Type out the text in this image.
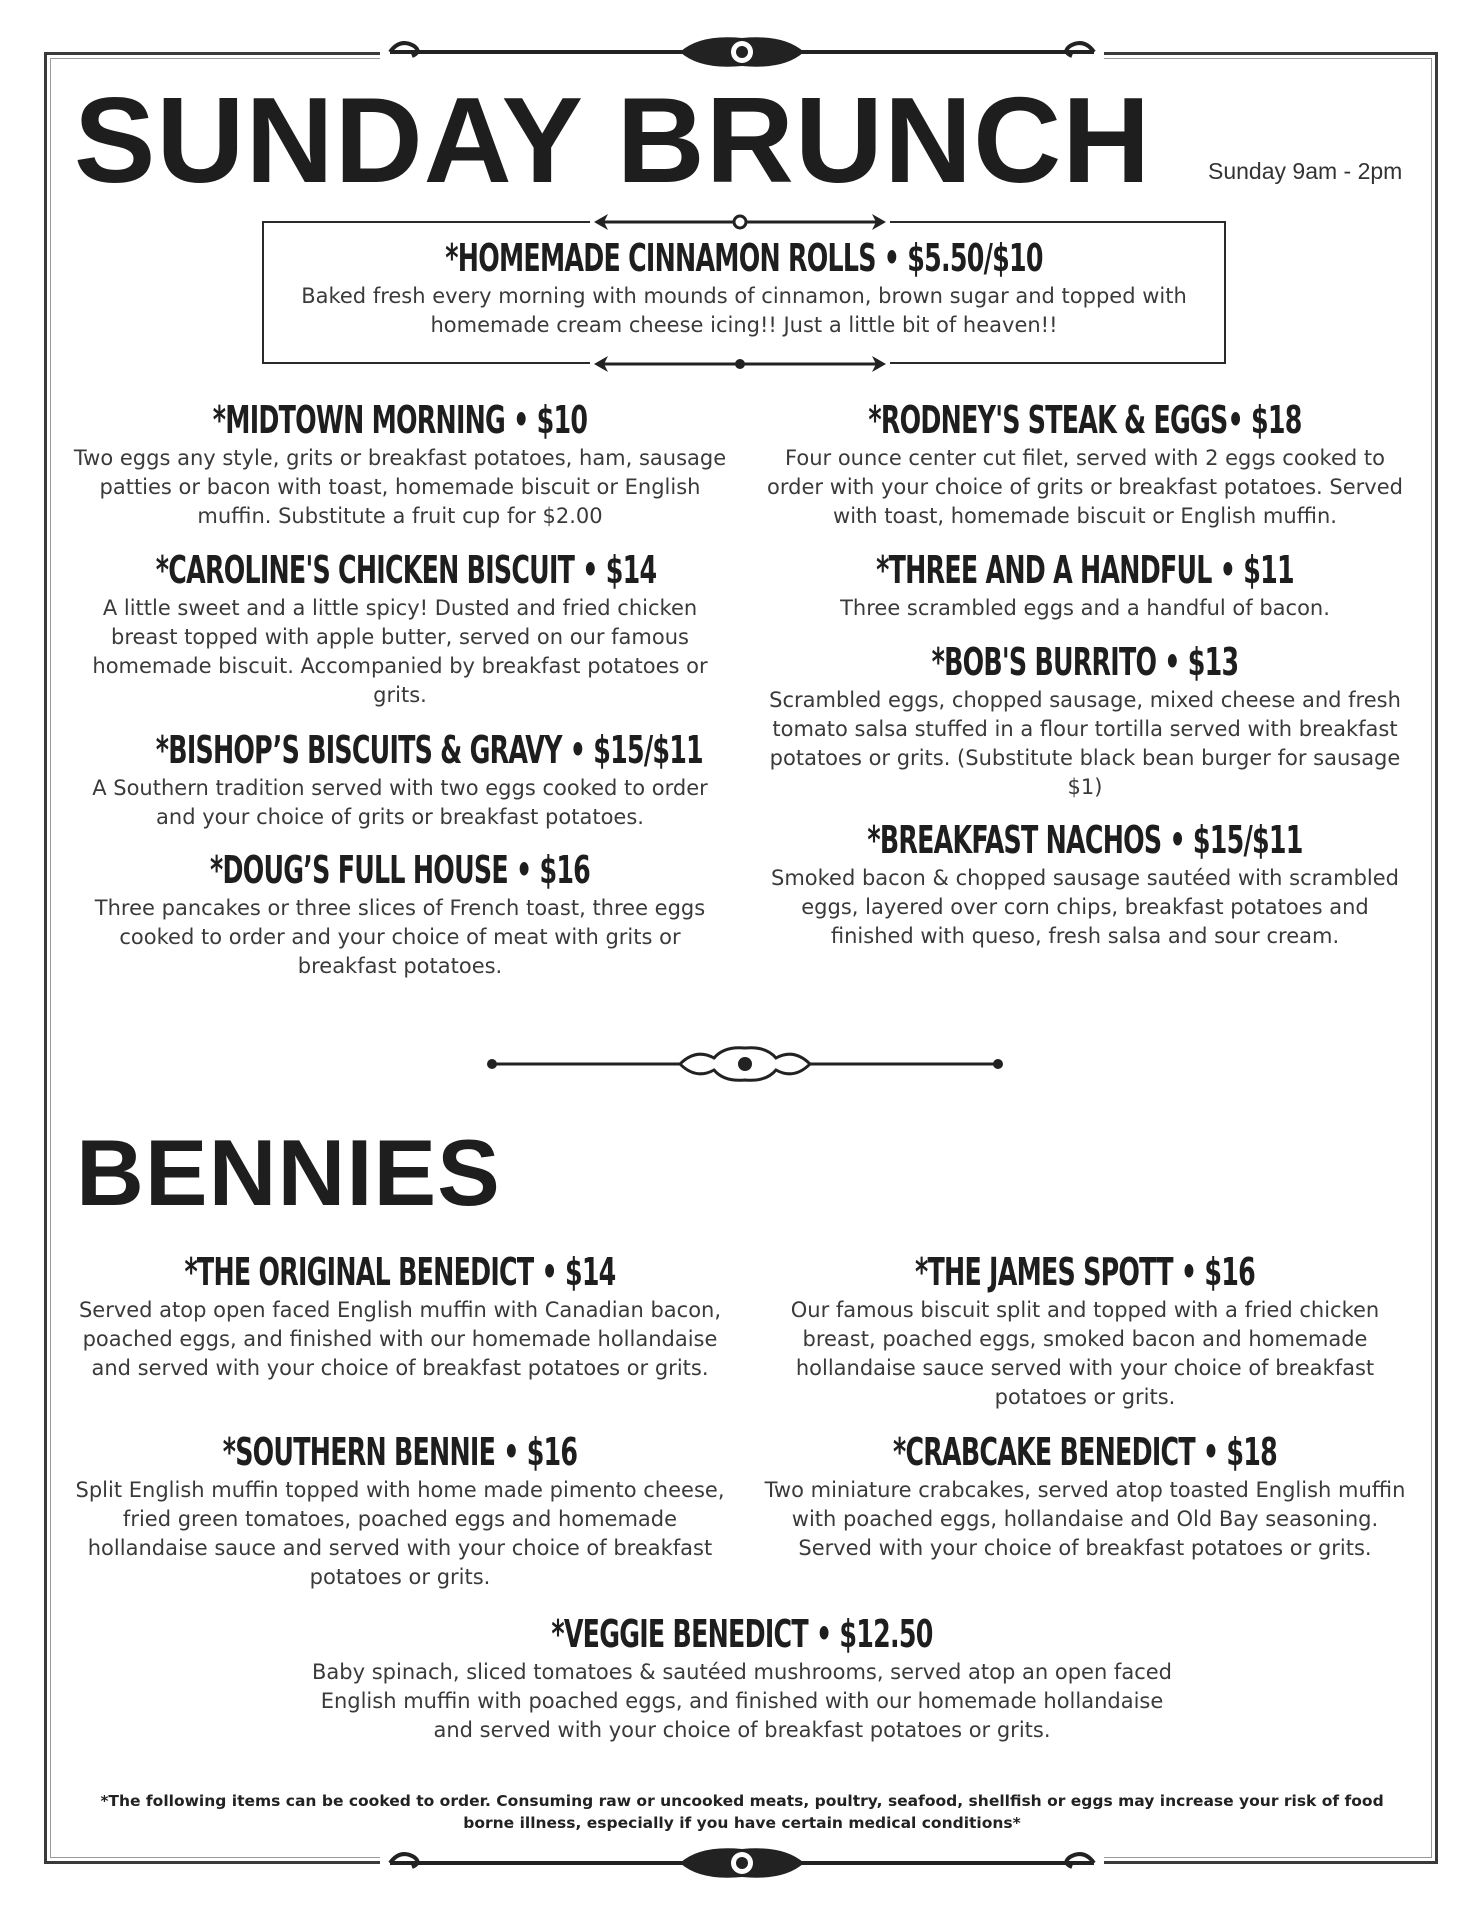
SUNDAY BRUNCH Sunday 9am - 2pm
*HOMEMADE CINNAMON ROLLS • $5.50/$10
Baked fresh every morning with mounds of cinnamon, brown sugar and topped with homemade cream cheese icing!! Just a little bit of heaven!!
*MIDTOWN MORNING • $10
Two eggs any style, grits or breakfast potatoes, ham, sausage patties or bacon with toast, homemade biscuit or English muffin. Substitute a fruit cup for $2.00
*CAROLINE'S CHICKEN BISCUIT • $14
A little sweet and a little spicy! Dusted and fried chicken breast topped with apple butter, served on our famous homemade biscuit. Accompanied by breakfast potatoes or grits.
*BISHOP’S BISCUITS & GRAVY • $15/$11
A Southern tradition served with two eggs cooked to order and your choice of grits or breakfast potatoes.
*DOUG’S FULL HOUSE • $16
Three pancakes or three slices of French toast, three eggs cooked to order and your choice of meat with grits or breakfast potatoes.
*RODNEY'S STEAK & EGGS• $18
Four ounce center cut filet, served with 2 eggs cooked to order with your choice of grits or breakfast potatoes. Served with toast, homemade biscuit or English muffin.
*THREE AND A HANDFUL • $11
Three scrambled eggs and a handful of bacon.
*BOB'S BURRITO • $13
Scrambled eggs, chopped sausage, mixed cheese and fresh tomato salsa stuffed in a flour tortilla served with breakfast potatoes or grits. (Substitute black bean burger for sausage $1)
*BREAKFAST NACHOS • $15/$11
Smoked bacon & chopped sausage sautéed with scrambled eggs, layered over corn chips, breakfast potatoes and finished with queso, fresh salsa and sour cream.
BENNIES
*THE ORIGINAL BENEDICT • $14
Served atop open faced English muffin with Canadian bacon, poached eggs, and finished with our homemade hollandaise and served with your choice of breakfast potatoes or grits.
*SOUTHERN BENNIE • $16
Split English muffin topped with home made pimento cheese, fried green tomatoes, poached eggs and homemade hollandaise sauce and served with your choice of breakfast potatoes or grits.
*THE JAMES SPOTT • $16
Our famous biscuit split and topped with a fried chicken breast, poached eggs, smoked bacon and homemade hollandaise sauce served with your choice of breakfast potatoes or grits.
*CRABCAKE BENEDICT • $18
Two miniature crabcakes, served atop toasted English muffin with poached eggs, hollandaise and Old Bay seasoning. Served with your choice of breakfast potatoes or grits.
*VEGGIE BENEDICT • $12.50
Baby spinach, sliced tomatoes & sautéed mushrooms, served atop an open faced English muffin with poached eggs, and finished with our homemade hollandaise and served with your choice of breakfast potatoes or grits.
*The following items can be cooked to order. Consuming raw or uncooked meats, poultry, seafood, shellfish or eggs may increase your risk of food borne illness, especially if you have certain medical conditions*
